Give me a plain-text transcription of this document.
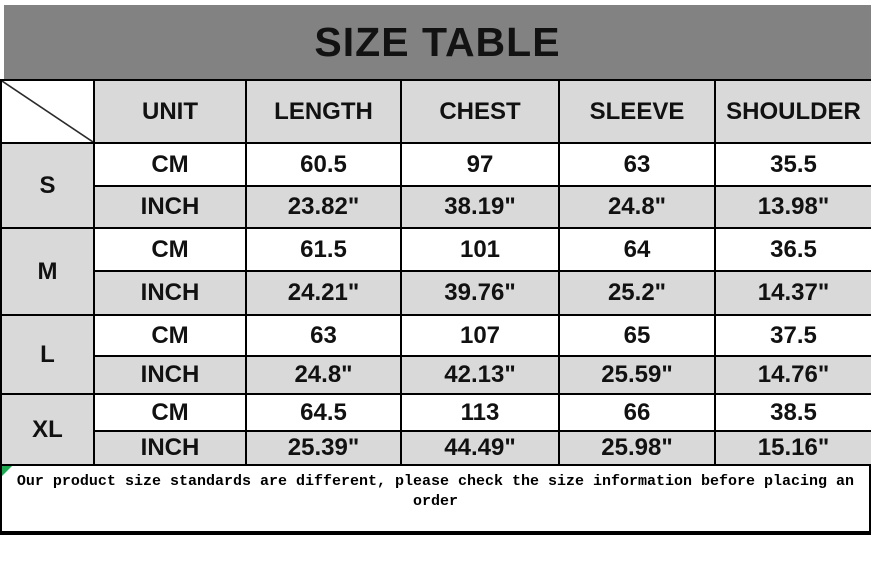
SIZE TABLE
	UNIT	LENGTH	CHEST	SLEEVE	SHOULDER
S	CM	60.5	97	63	35.5
	INCH	23.82"	38.19"	24.8"	13.98"
M	CM	61.5	101	64	36.5
	INCH	24.21"	39.76"	25.2"	14.37"
L	CM	63	107	65	37.5
	INCH	24.8"	42.13"	25.59"	14.76"
XL	CM	64.5	113	66	38.5
	INCH	25.39"	44.49"	25.98"	15.16"
Our product size standards are different, please check the size information before placing an order
